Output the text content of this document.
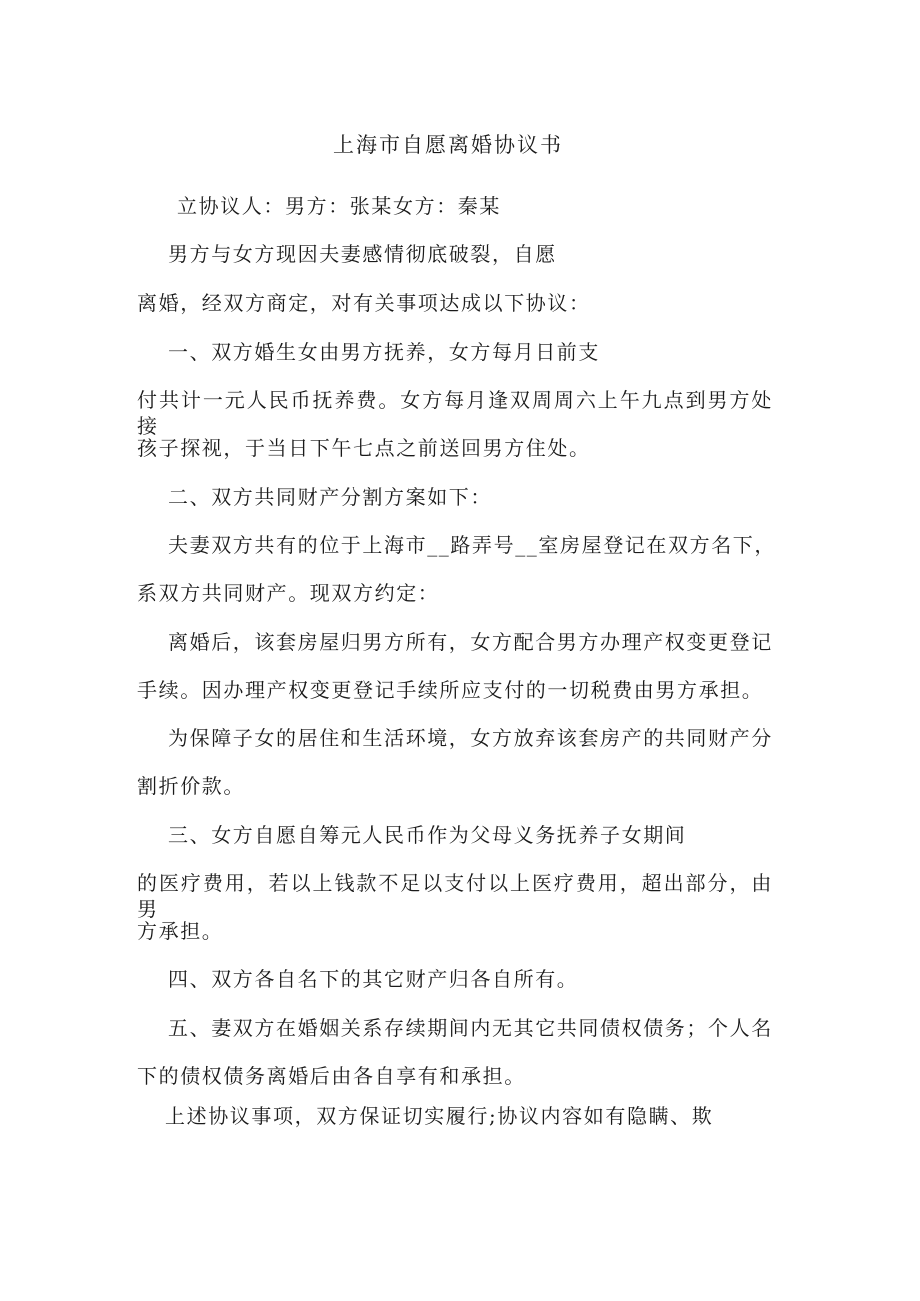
上海市自愿离婚协议书
立协议人：男方：张某女方：秦某
男方与女方现因夫妻感情彻底破裂，自愿
离婚，经双方商定，对有关事项达成以下协议：
一、双方婚生女由男方抚养，女方每月日前支
付共计一元人民币抚养费。女方每月逢双周周六上午九点到男方处接
孩子探视，于当日下午七点之前送回男方住处。
二、双方共同财产分割方案如下：
夫妻双方共有的位于上海市__路弄号__室房屋登记在双方名下，
系双方共同财产。现双方约定：
离婚后，该套房屋归男方所有，女方配合男方办理产权变更登记
手续。因办理产权变更登记手续所应支付的一切税费由男方承担。
为保障子女的居住和生活环境，女方放弃该套房产的共同财产分
割折价款。
三、女方自愿自筹元人民币作为父母义务抚养子女期间
的医疗费用，若以上钱款不足以支付以上医疗费用，超出部分，由男
方承担。
四、双方各自名下的其它财产归各自所有。
五、妻双方在婚姻关系存续期间内无其它共同债权债务；个人名
下的债权债务离婚后由各自享有和承担。
上述协议事项，双方保证切实履行;协议内容如有隐瞒、欺
